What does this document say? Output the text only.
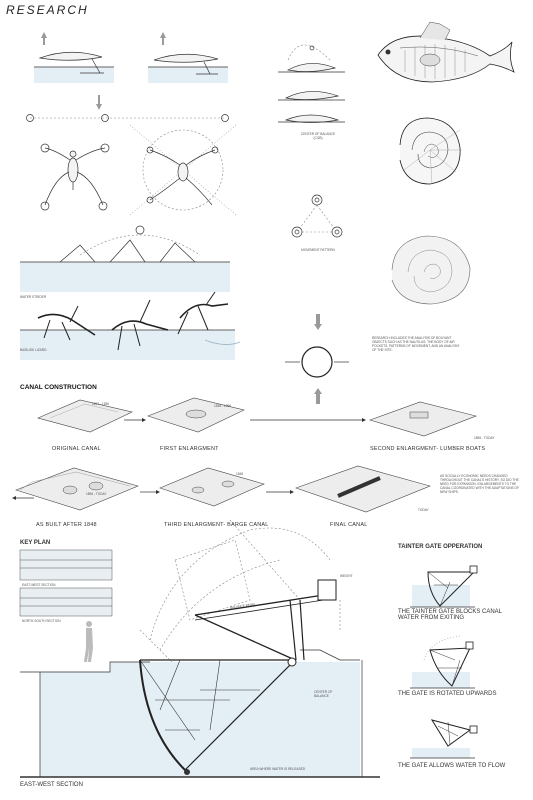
RESEARCH
CENTER OF BALANCE
(COB)
MOVEMENT PATTERN
WATER STRIDER
BASILISK LIZARD
RESEARCH INCLUDES THE ANALYSIS OF BOUYANT OBJECTS SUCH AS THE NAUTILUS, THE BODY OF AIR POCKETS, PATTERNS OF MOVEMENT, AND AN ANALYSIS OF THE SITE.
CANAL CONSTRUCTION
1817 - 1836	1836 - 1896
1896 - TODAY
1896 - TODAY
1848
TODAY
ORIGINAL CANAL	FIRST ENLARGMENT	SECOND ENLARGMENT- LUMBER BOATS
AS BUILT AFTER 1848	THIRD ENLARGMENT- BARGE CANAL	FINAL CANAL
AS SOCIALLY ECONOMIC NEEDS CHANGED THROUGHOUT THE CANAL'S HISTORY, SO DID THE NEED FOR EXPANSION. ENLARGEMENTS TO THE CANAL COORDINATED WITH THE ADAPTATIONS OF NEW SHIPS.
KEY PLAN
EAST-WEST SECTION
NORTH-SOUTH SECTION
WEIGHT
BALANCE BEAM
CENTER OF BALANCE
AREA WHERE WATER IS RELEASED
EAST-WEST SECTION
TAINTER GATE OPPERATION
THE TAINTER GATE BLOCKS CANAL WATER FROM EXITING
THE GATE IS ROTATED UPWARDS
THE GATE ALLOWS WATER TO FLOW
